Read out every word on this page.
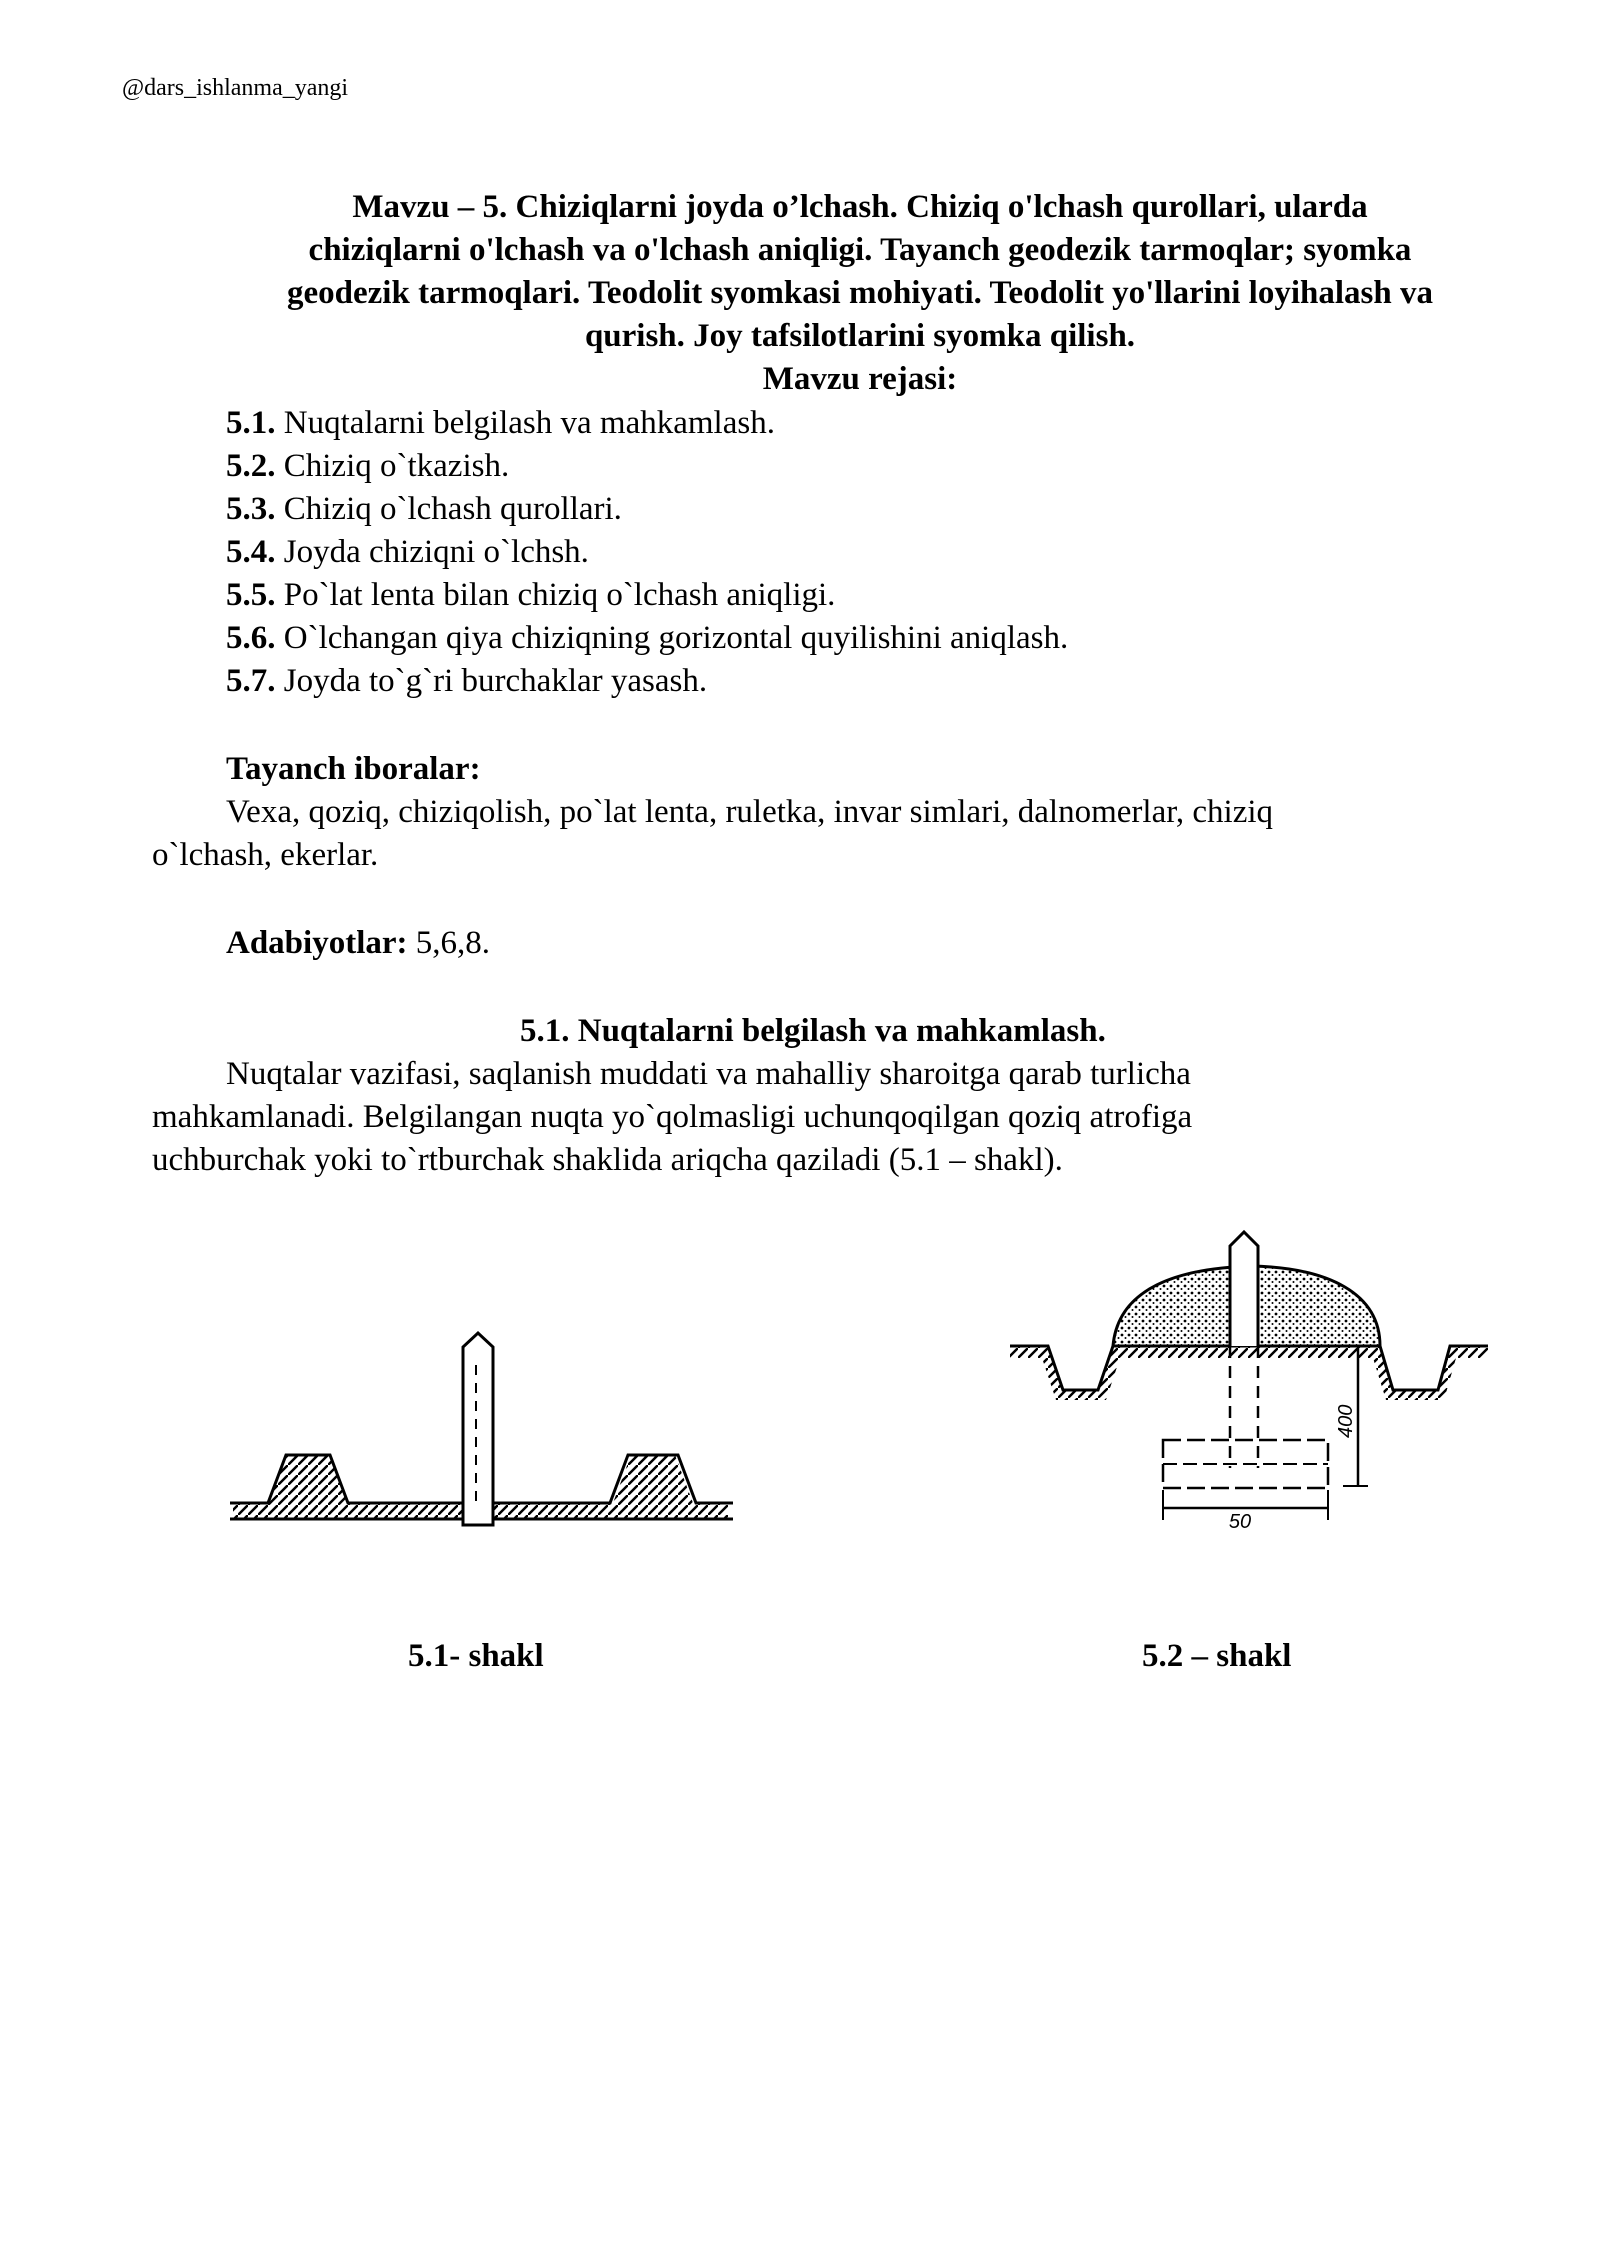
@dars_ishlanma_yangi
Mavzu – 5. Chiziqlarni joyda o’lchash. Chiziq o'lchash qurollari, ularda
chiziqlarni o'lchash va o'lchash aniqligi. Tayanch geodezik tarmoqlar; syomka
geodezik tarmoqlari. Teodolit syomkasi mohiyati. Teodolit yo'llarini loyihalash va
qurish. Joy tafsilotlarini syomka qilish.
Mavzu rejasi:
5.1. Nuqtalarni belgilash va mahkamlash.
5.2. Chiziq o`tkazish.
5.3. Chiziq o`lchash qurollari.
5.4. Joyda chiziqni o`lchsh.
5.5. Po`lat lenta bilan chiziq o`lchash aniqligi.
5.6. O`lchangan qiya chiziqning gorizontal quyilishini aniqlash.
5.7. Joyda to`g`ri burchaklar yasash.
Tayanch iboralar:
Vexa, qoziq, chiziqolish, po`lat lenta, ruletka, invar simlari, dalnomerlar, chiziq
o`lchash, ekerlar.
Adabiyotlar: 5,6,8.
5.1. Nuqtalarni belgilash va mahkamlash.
Nuqtalar vazifasi, saqlanish muddati va mahalliy sharoitga qarab turlicha
mahkamlanadi. Belgilangan nuqta yo`qolmasligi uchunqoqilgan qoziq atrofiga
uchburchak yoki to`rtburchak shaklida ariqcha qaziladi (5.1 – shakl).
400
50
5.1- shakl	5.2 – shakl
